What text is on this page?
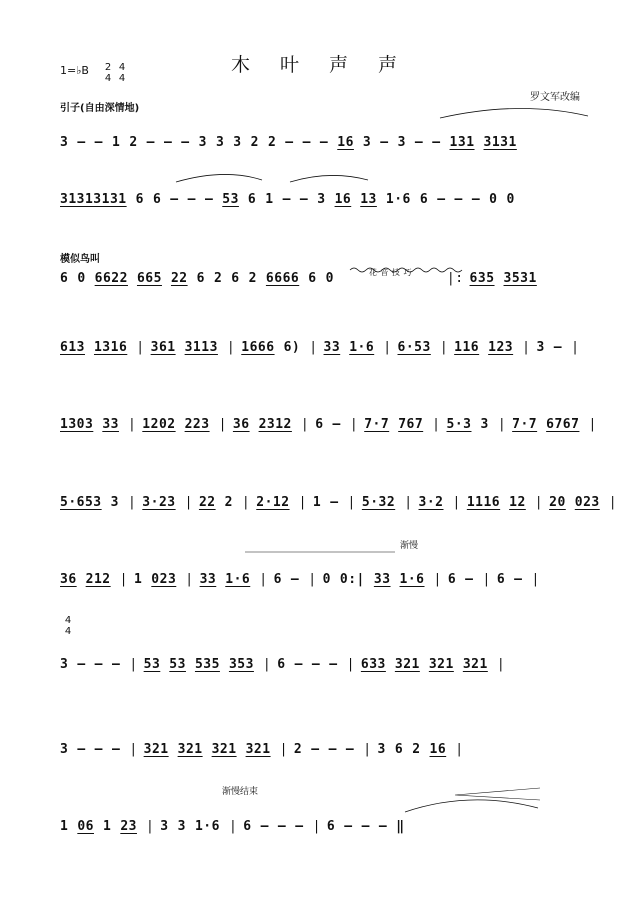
木 叶 声 声
1=♭B 2
4
4
4
罗文军改编
引子(自由深情地)
3 – – 1 2 – – – 3 3 3 2 2 – – – 16 3 – 3 – – 131 3131
31313131 6 6 – – – 53 6 1 – – 3 16 13 1·6 6 – – – 0 0
模似鸟叫
6 0 6622 665 22 6 2 6 2 6666 6 0	花 音 技 巧	|: 635 3531
613 1316 | 361 3113 | 1666 6) | 33 1·6 | 6·53 | 116 123 | 3 – |
1303 33 | 1202 223 | 36 2312 | 6 – | 7·7 767 | 5·3 3 | 7·7 6767 |
5·653 3 | 3·23 | 22 2 | 2·12 | 1 – | 5·32 | 3·2 | 1116 12 | 20 023 |
渐慢
36 212 | 1 023 | 33 1·6 | 6 – | 0 0:| 33 1·6 | 6 – | 6 – |
4
4
3 – – – | 53 53 535 353 | 6 – – – | 633 321 321 321 |
3 – – – | 321 321 321 321 | 2 – – – | 3 6 2 16 |
渐慢结束
1 06 1 23 | 3 3 1·6 | 6 – – – | 6 – – – ‖
